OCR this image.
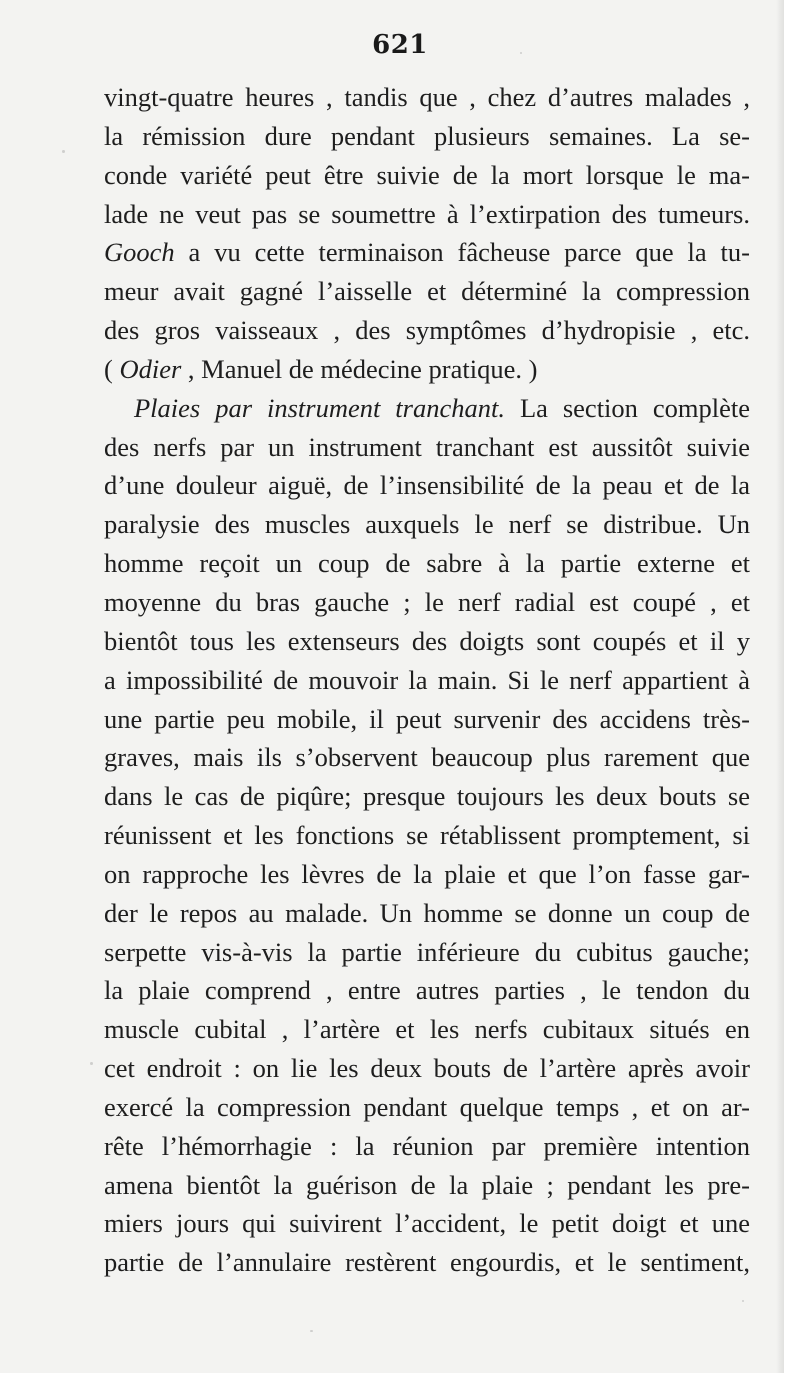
621
vingt-quatre heures , tandis que , chez d’autres malades ,
la rémission dure pendant plusieurs semaines. La se-
conde variété peut être suivie de la mort lorsque le ma-
lade ne veut pas se soumettre à l’extirpation des tumeurs.
Gooch a vu cette terminaison fâcheuse parce que la tu-
meur avait gagné l’aisselle et déterminé la compression
des gros vaisseaux , des symptômes d’hydropisie , etc.
( Odier , Manuel de médecine pratique. )
Plaies par instrument tranchant. La section complète
des nerfs par un instrument tranchant est aussitôt suivie
d’une douleur aiguë, de l’insensibilité de la peau et de la
paralysie des muscles auxquels le nerf se distribue. Un
homme reçoit un coup de sabre à la partie externe et
moyenne du bras gauche ; le nerf radial est coupé , et
bientôt tous les extenseurs des doigts sont coupés et il y
a impossibilité de mouvoir la main. Si le nerf appartient à
une partie peu mobile, il peut survenir des accidens très-
graves, mais ils s’observent beaucoup plus rarement que
dans le cas de piqûre; presque toujours les deux bouts se
réunissent et les fonctions se rétablissent promptement, si
on rapproche les lèvres de la plaie et que l’on fasse gar-
der le repos au malade. Un homme se donne un coup de
serpette vis-à-vis la partie inférieure du cubitus gauche;
la plaie comprend , entre autres parties , le tendon du
muscle cubital , l’artère et les nerfs cubitaux situés en
cet endroit : on lie les deux bouts de l’artère après avoir
exercé la compression pendant quelque temps , et on ar-
rête l’hémorrhagie : la réunion par première intention
amena bientôt la guérison de la plaie ; pendant les pre-
miers jours qui suivirent l’accident, le petit doigt et une
partie de l’annulaire restèrent engourdis, et le sentiment,
